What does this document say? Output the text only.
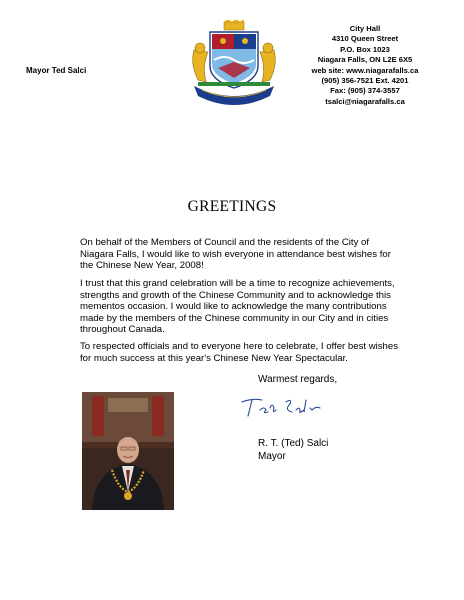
Mayor Ted Salci
City Hall
4310 Queen Street
P.O. Box 1023
Niagara Falls, ON L2E 6X5
web site: www.niagarafalls.ca
(905) 356-7521 Ext. 4201
Fax: (905) 374-3557
tsalci@niagarafalls.ca
GREETINGS
On behalf of the Members of Council and the residents of the City of Niagara Falls, I would like to wish everyone in attendance best wishes for the Chinese New Year, 2008!
I trust that this grand celebration will be a time to recognize achievements, strengths and growth of the Chinese Community and to acknowledge this mementos occasion. I would like to acknowledge the many contributions made by the members of the Chinese community in our City and in cities throughout Canada.
To respected officials and to everyone here to celebrate, I offer best wishes for much success at this year's Chinese New Year Spectacular.
Warmest regards,
R. T. (Ted) Salci
Mayor
